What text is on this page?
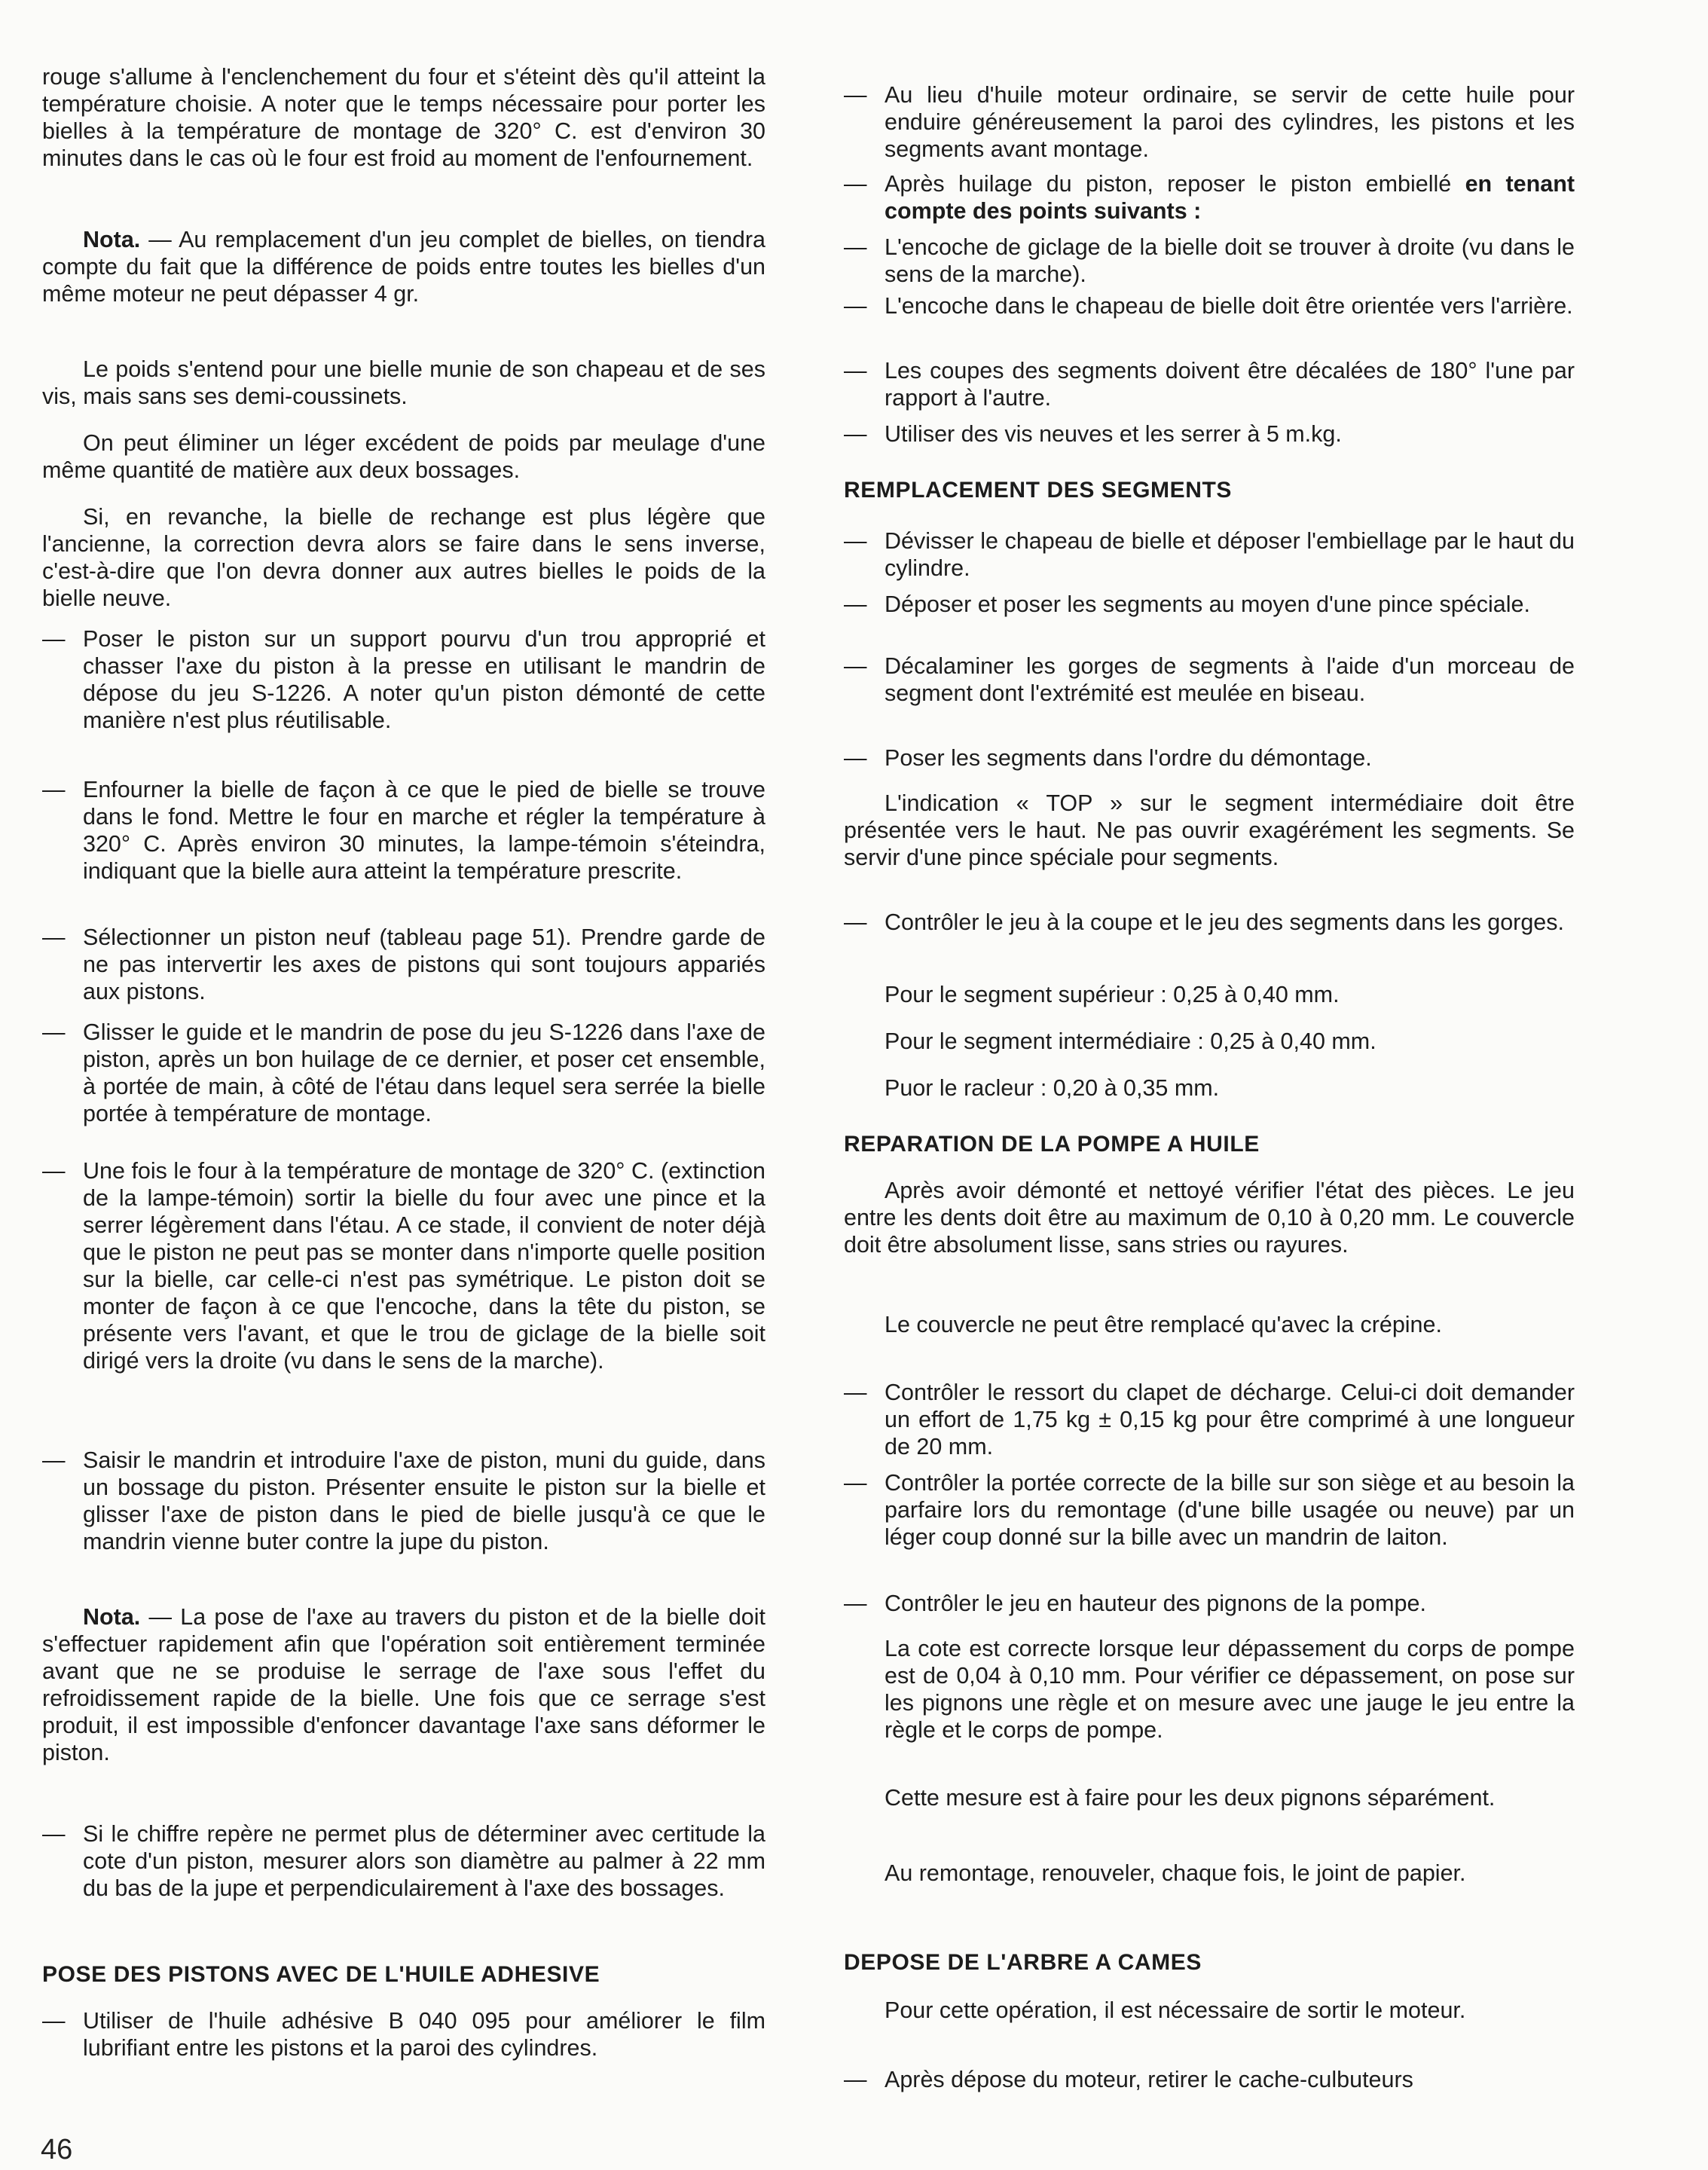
rouge s'allume à l'enclenchement du four et s'éteint dès qu'il atteint la température choisie. A noter que le temps nécessaire pour porter les bielles à la température de montage de 320° C. est d'environ 30 minutes dans le cas où le four est froid au moment de l'enfournement.
Nota. — Au remplacement d'un jeu complet de bielles, on tiendra compte du fait que la différence de poids entre toutes les bielles d'un même moteur ne peut dépasser 4 gr.
Le poids s'entend pour une bielle munie de son chapeau et de ses vis, mais sans ses demi-coussinets.
On peut éliminer un léger excédent de poids par meulage d'une même quantité de matière aux deux bossages.
Si, en revanche, la bielle de rechange est plus légère que l'ancienne, la correction devra alors se faire dans le sens inverse, c'est-à-dire que l'on devra donner aux autres bielles le poids de la bielle neuve.
— Poser le piston sur un support pourvu d'un trou approprié et chasser l'axe du piston à la presse en utilisant le mandrin de dépose du jeu S-1226. A noter qu'un piston démonté de cette manière n'est plus réutilisable.
— Enfourner la bielle de façon à ce que le pied de bielle se trouve dans le fond. Mettre le four en marche et régler la température à 320° C. Après environ 30 minutes, la lampe-témoin s'éteindra, indiquant que la bielle aura atteint la température prescrite.
— Sélectionner un piston neuf (tableau page 51). Prendre garde de ne pas intervertir les axes de pistons qui sont toujours appariés aux pistons.
— Glisser le guide et le mandrin de pose du jeu S-1226 dans l'axe de piston, après un bon huilage de ce dernier, et poser cet ensemble, à portée de main, à côté de l'étau dans lequel sera serrée la bielle portée à température de montage.
— Une fois le four à la température de montage de 320° C. (extinction de la lampe-témoin) sortir la bielle du four avec une pince et la serrer légèrement dans l'étau. A ce stade, il convient de noter déjà que le piston ne peut pas se monter dans n'importe quelle position sur la bielle, car celle-ci n'est pas symétrique. Le piston doit se monter de façon à ce que l'encoche, dans la tête du piston, se présente vers l'avant, et que le trou de giclage de la bielle soit dirigé vers la droite (vu dans le sens de la marche).
— Saisir le mandrin et introduire l'axe de piston, muni du guide, dans un bossage du piston. Présenter ensuite le piston sur la bielle et glisser l'axe de piston dans le pied de bielle jusqu'à ce que le mandrin vienne buter contre la jupe du piston.
Nota. — La pose de l'axe au travers du piston et de la bielle doit s'effectuer rapidement afin que l'opération soit entièrement terminée avant que ne se produise le serrage de l'axe sous l'effet du refroidissement rapide de la bielle. Une fois que ce serrage s'est produit, il est impossible d'enfoncer davantage l'axe sans déformer le piston.
— Si le chiffre repère ne permet plus de déterminer avec certitude la cote d'un piston, mesurer alors son diamètre au palmer à 22 mm du bas de la jupe et perpendiculairement à l'axe des bossages.
POSE DES PISTONS AVEC DE L'HUILE ADHESIVE
— Utiliser de l'huile adhésive B 040 095 pour améliorer le film lubrifiant entre les pistons et la paroi des cylindres.
— Au lieu d'huile moteur ordinaire, se servir de cette huile pour enduire généreusement la paroi des cylindres, les pistons et les segments avant montage.
— Après huilage du piston, reposer le piston embiellé en tenant compte des points suivants :
— L'encoche de giclage de la bielle doit se trouver à droite (vu dans le sens de la marche).
— L'encoche dans le chapeau de bielle doit être orientée vers l'arrière.
— Les coupes des segments doivent être décalées de 180° l'une par rapport à l'autre.
— Utiliser des vis neuves et les serrer à 5 m.kg.
REMPLACEMENT DES SEGMENTS
— Dévisser le chapeau de bielle et déposer l'embiellage par le haut du cylindre.
— Déposer et poser les segments au moyen d'une pince spéciale.
— Décalaminer les gorges de segments à l'aide d'un morceau de segment dont l'extrémité est meulée en biseau.
— Poser les segments dans l'ordre du démontage.
L'indication « TOP » sur le segment intermédiaire doit être présentée vers le haut. Ne pas ouvrir exagérément les segments. Se servir d'une pince spéciale pour segments.
— Contrôler le jeu à la coupe et le jeu des segments dans les gorges.
Pour le segment supérieur : 0,25 à 0,40 mm.
Pour le segment intermédiaire : 0,25 à 0,40 mm.
Puor le racleur : 0,20 à 0,35 mm.
REPARATION DE LA POMPE A HUILE
Après avoir démonté et nettoyé vérifier l'état des pièces. Le jeu entre les dents doit être au maximum de 0,10 à 0,20 mm. Le couvercle doit être absolument lisse, sans stries ou rayures.
Le couvercle ne peut être remplacé qu'avec la crépine.
— Contrôler le ressort du clapet de décharge. Celui-ci doit demander un effort de 1,75 kg ± 0,15 kg pour être comprimé à une longueur de 20 mm.
— Contrôler la portée correcte de la bille sur son siège et au besoin la parfaire lors du remontage (d'une bille usagée ou neuve) par un léger coup donné sur la bille avec un mandrin de laiton.
— Contrôler le jeu en hauteur des pignons de la pompe.
La cote est correcte lorsque leur dépassement du corps de pompe est de 0,04 à 0,10 mm. Pour vérifier ce dépassement, on pose sur les pignons une règle et on mesure avec une jauge le jeu entre la règle et le corps de pompe.
Cette mesure est à faire pour les deux pignons séparément.
Au remontage, renouveler, chaque fois, le joint de papier.
DEPOSE DE L'ARBRE A CAMES
Pour cette opération, il est nécessaire de sortir le moteur.
— Après dépose du moteur, retirer le cache-culbuteurs
46
